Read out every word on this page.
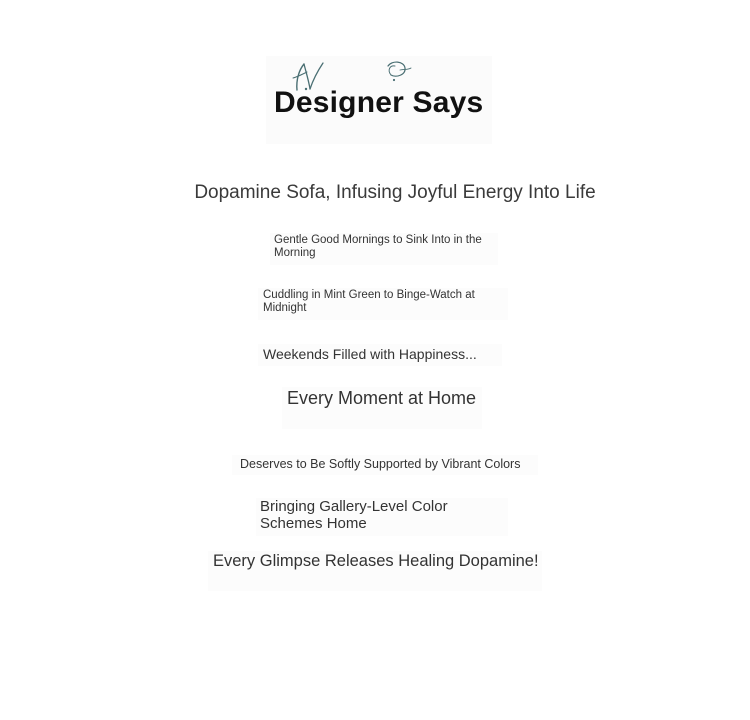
Designer Says

Dopamine Sofa, Infusing Joyful Energy Into Life

Gentle Good Mornings to Sink Into in the Morning

Cuddling in Mint Green to Binge-Watch at Midnight

Weekends Filled with Happiness...

Every Moment at Home

Deserves to Be Softly Supported by Vibrant Colors

Bringing Gallery-Level Color Schemes Home

Every Glimpse Releases Healing Dopamine!
